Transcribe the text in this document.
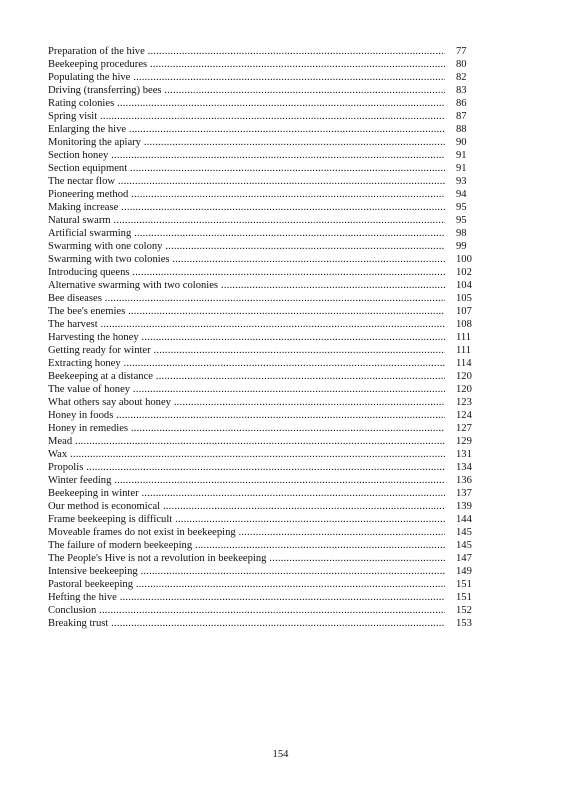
Preparation of the hive .....	77
Beekeeping procedures .....	80
Populating the hive .....	82
Driving (transferring) bees .....	83
Rating colonies .....	86
Spring visit .....	87
Enlarging the hive .....	88
Monitoring the apiary .....	90
Section honey .....	91
Section equipment .....	91
The nectar flow .....	93
Pioneering method .....	94
Making increase .....	95
Natural swarm .....	95
Artificial swarming .....	98
Swarming with one colony .....	99
Swarming with two colonies .....	100
Introducing queens .....	102
Alternative swarming with two colonies .....	104
Bee diseases .....	105
The bee's enemies .....	107
The harvest .....	108
Harvesting the honey .....	111
Getting ready for winter .....	111
Extracting honey .....	114
Beekeeping at a distance .....	120
The value of honey .....	120
What others say about honey .....	123
Honey in foods .....	124
Honey in remedies .....	127
Mead .....	129
Wax .....	131
Propolis .....	134
Winter feeding .....	136
Beekeeping in winter .....	137
Our method is economical .....	139
Frame beekeeping is difficult .....	144
Moveable frames do not exist in beekeeping .....	145
The failure of modern beekeeping .....	145
The People's Hive is not a revolution in beekeeping .....	147
Intensive beekeeping .....	149
Pastoral beekeeping .....	151
Hefting the hive .....	151
Conclusion .....	152
Breaking trust .....	153
154
